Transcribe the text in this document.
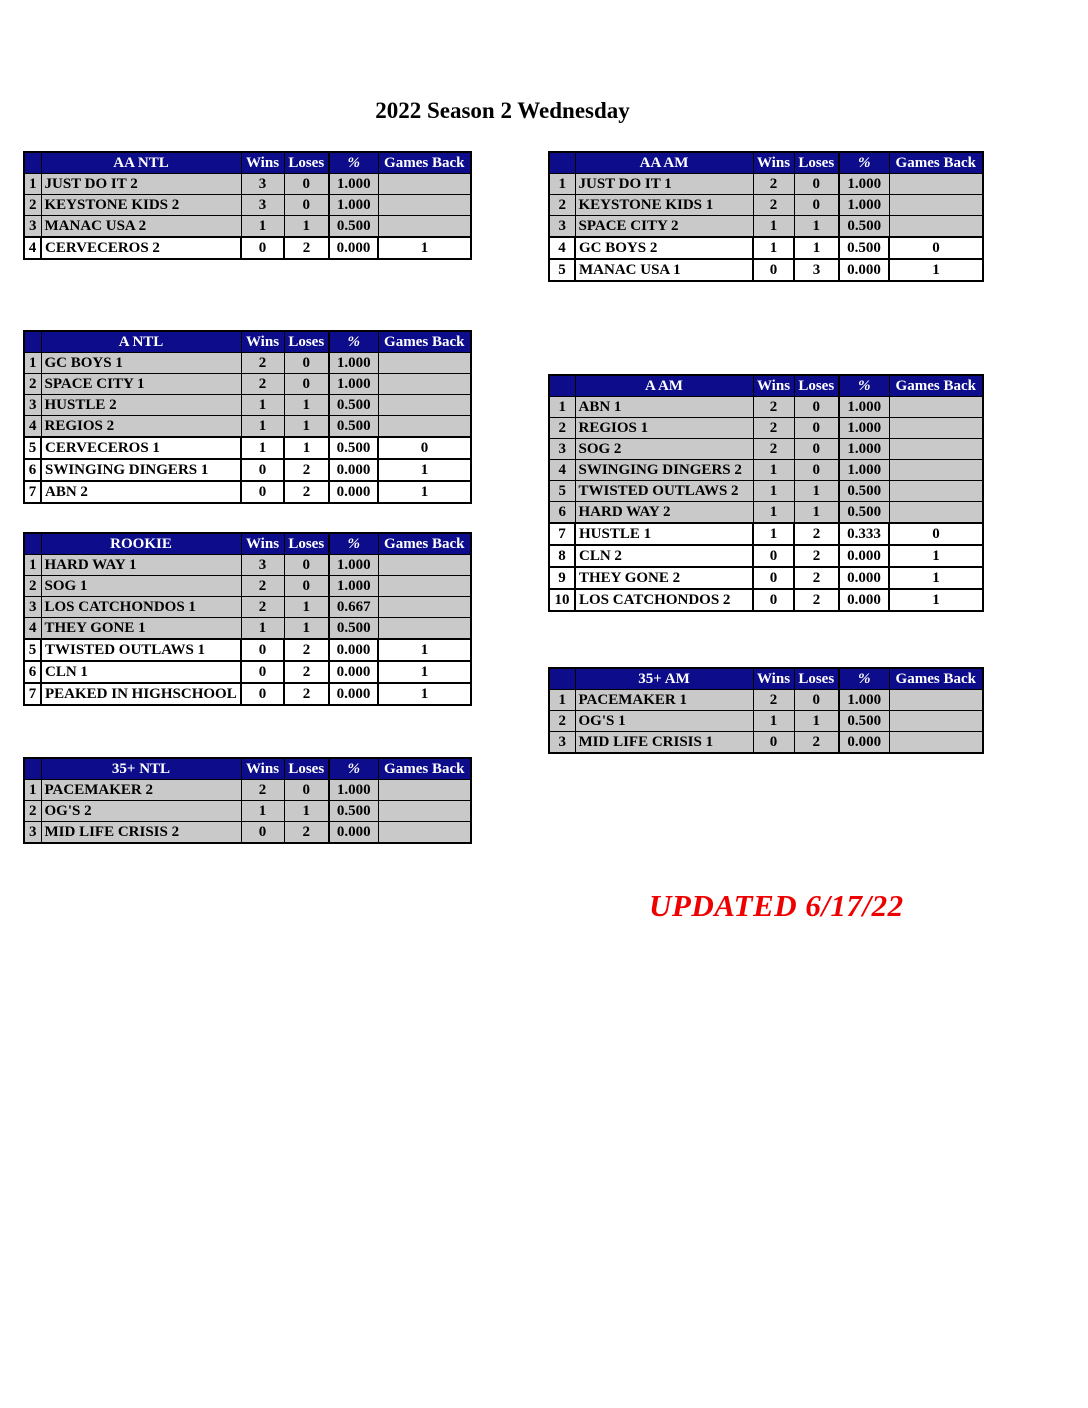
2022 Season 2 Wednesday
	AA NTL	Wins	Loses	%	Games Back
1	JUST DO IT 2	3	0	1.000	
2	KEYSTONE KIDS 2	3	0	1.000	
3	MANAC USA 2	1	1	0.500	
4	CERVECEROS 2	0	2	0.000	1
	AA AM	Wins	Loses	%	Games Back
1	JUST DO IT 1	2	0	1.000	
2	KEYSTONE KIDS 1	2	0	1.000	
3	SPACE CITY 2	1	1	0.500	
4	GC BOYS 2	1	1	0.500	0
5	MANAC USA 1	0	3	0.000	1
	A NTL	Wins	Loses	%	Games Back
1	GC BOYS 1	2	0	1.000	
2	SPACE CITY 1	2	0	1.000	
3	HUSTLE 2	1	1	0.500	
4	REGIOS 2	1	1	0.500	
5	CERVECEROS 1	1	1	0.500	0
6	SWINGING DINGERS 1	0	2	0.000	1
7	ABN 2	0	2	0.000	1
	A AM	Wins	Loses	%	Games Back
1	ABN 1	2	0	1.000	
2	REGIOS 1	2	0	1.000	
3	SOG 2	2	0	1.000	
4	SWINGING DINGERS 2	1	0	1.000	
5	TWISTED OUTLAWS 2	1	1	0.500	
6	HARD WAY 2	1	1	0.500	
7	HUSTLE 1	1	2	0.333	0
8	CLN 2	0	2	0.000	1
9	THEY GONE 2	0	2	0.000	1
10	LOS CATCHONDOS 2	0	2	0.000	1
	ROOKIE	Wins	Loses	%	Games Back
1	HARD WAY 1	3	0	1.000	
2	SOG 1	2	0	1.000	
3	LOS CATCHONDOS 1	2	1	0.667	
4	THEY GONE 1	1	1	0.500	
5	TWISTED OUTLAWS 1	0	2	0.000	1
6	CLN 1	0	2	0.000	1
7	PEAKED IN HIGHSCHOOL	0	2	0.000	1
	35+ AM	Wins	Loses	%	Games Back
1	PACEMAKER 1	2	0	1.000	
2	OG'S 1	1	1	0.500	
3	MID LIFE CRISIS 1	0	2	0.000	
	35+ NTL	Wins	Loses	%	Games Back
1	PACEMAKER 2	2	0	1.000	
2	OG'S 2	1	1	0.500	
3	MID LIFE CRISIS 2	0	2	0.000	
UPDATED 6/17/22
